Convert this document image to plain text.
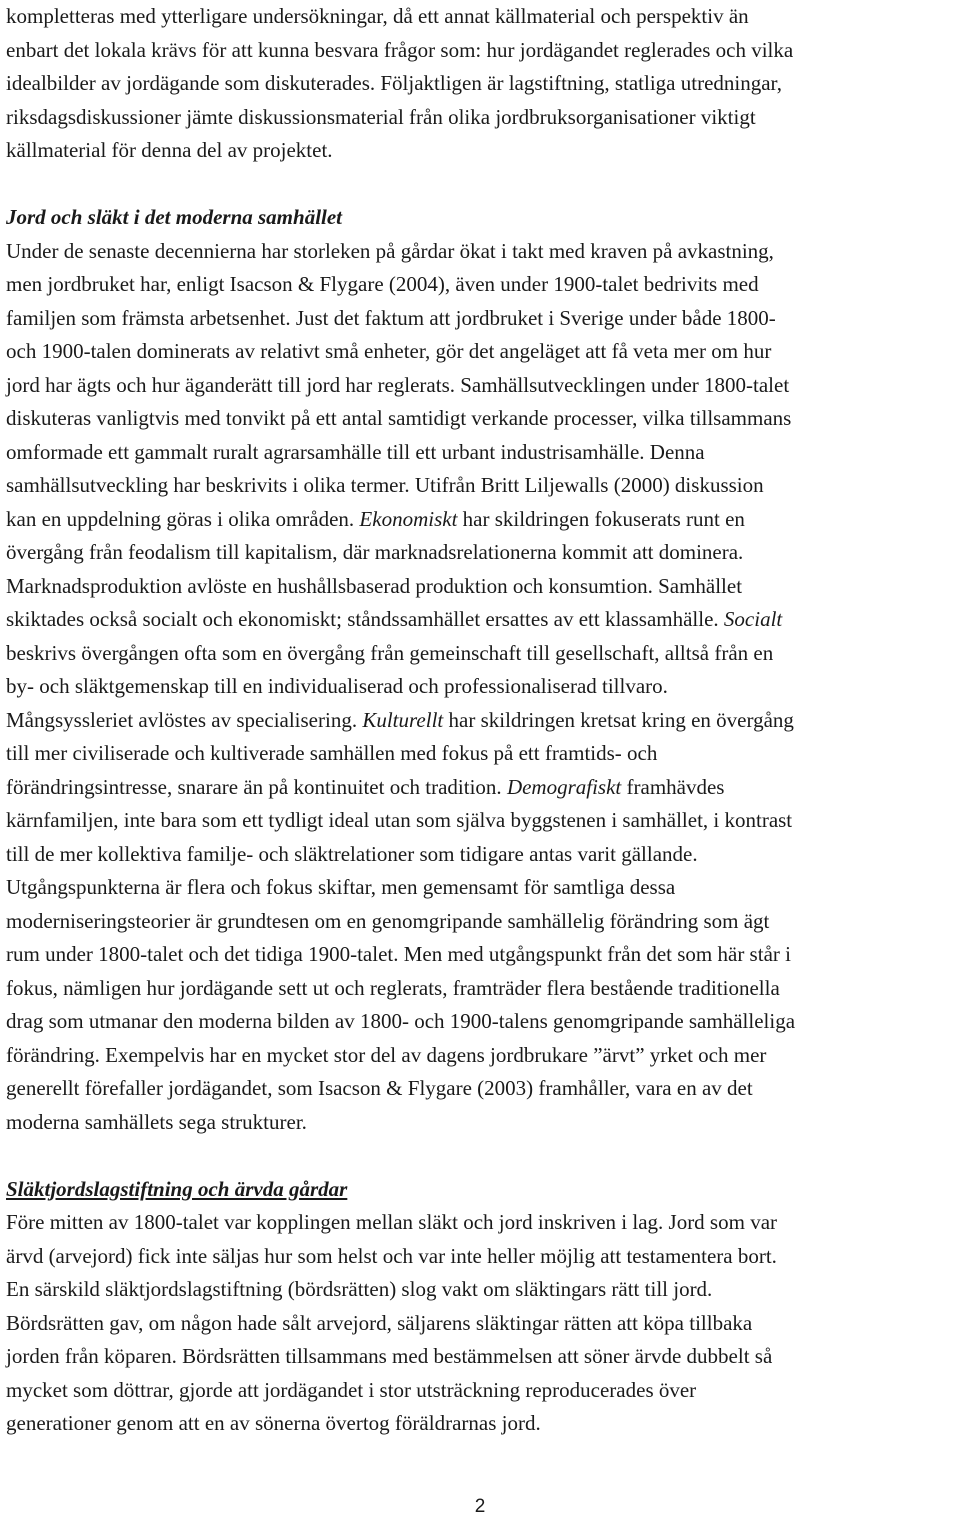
kompletteras med ytterligare undersökningar, då ett annat källmaterial och perspektiv än
enbart det lokala krävs för att kunna besvara frågor som: hur jordägandet reglerades och vilka
idealbilder av jordägande som diskuterades. Följaktligen är lagstiftning, statliga utredningar,
riksdagsdiskussioner jämte diskussionsmaterial från olika jordbruksorganisationer viktigt
källmaterial för denna del av projektet.
Jord och släkt i det moderna samhället
Under de senaste decennierna har storleken på gårdar ökat i takt med kraven på avkastning,
men jordbruket har, enligt Isacson & Flygare (2004), även under 1900-talet bedrivits med
familjen som främsta arbetsenhet. Just det faktum att jordbruket i Sverige under både 1800-
och 1900-talen dominerats av relativt små enheter, gör det angeläget att få veta mer om hur
jord har ägts och hur äganderätt till jord har reglerats. Samhällsutvecklingen under 1800-talet
diskuteras vanligtvis med tonvikt på ett antal samtidigt verkande processer, vilka tillsammans
omformade ett gammalt ruralt agrarsamhälle till ett urbant industrisamhälle. Denna
samhällsutveckling har beskrivits i olika termer. Utifrån Britt Liljewalls (2000) diskussion
kan en uppdelning göras i olika områden. Ekonomiskt har skildringen fokuserats runt en
övergång från feodalism till kapitalism, där marknadsrelationerna kommit att dominera.
Marknadsproduktion avlöste en hushållsbaserad produktion och konsumtion. Samhället
skiktades också socialt och ekonomiskt; ståndssamhället ersattes av ett klassamhälle. Socialt
beskrivs övergången ofta som en övergång från gemeinschaft till gesellschaft, alltså från en
by- och släktgemenskap till en individualiserad och professionaliserad tillvaro.
Mångsyssleriet avlöstes av specialisering. Kulturellt har skildringen kretsat kring en övergång
till mer civiliserade och kultiverade samhällen med fokus på ett framtids- och
förändringsintresse, snarare än på kontinuitet och tradition. Demografiskt framhävdes
kärnfamiljen, inte bara som ett tydligt ideal utan som själva byggstenen i samhället, i kontrast
till de mer kollektiva familje- och släktrelationer som tidigare antas varit gällande.
Utgångspunkterna är flera och fokus skiftar, men gemensamt för samtliga dessa
moderniseringsteorier är grundtesen om en genomgripande samhällelig förändring som ägt
rum under 1800-talet och det tidiga 1900-talet. Men med utgångspunkt från det som här står i
fokus, nämligen hur jordägande sett ut och reglerats, framträder flera bestående traditionella
drag som utmanar den moderna bilden av 1800- och 1900-talens genomgripande samhälleliga
förändring. Exempelvis har en mycket stor del av dagens jordbrukare ”ärvt” yrket och mer
generellt förefaller jordägandet, som Isacson & Flygare (2003) framhåller, vara en av det
moderna samhällets sega strukturer.
Släktjordslagstiftning och ärvda gårdar
Före mitten av 1800-talet var kopplingen mellan släkt och jord inskriven i lag. Jord som var
ärvd (arvejord) fick inte säljas hur som helst och var inte heller möjlig att testamentera bort.
En särskild släktjordslagstiftning (bördsrätten) slog vakt om släktingars rätt till jord.
Bördsrätten gav, om någon hade sålt arvejord, säljarens släktingar rätten att köpa tillbaka
jorden från köparen. Bördsrätten tillsammans med bestämmelsen att söner ärvde dubbelt så
mycket som döttrar, gjorde att jordägandet i stor utsträckning reproducerades över
generationer genom att en av sönerna övertog föräldrarnas jord.
2
